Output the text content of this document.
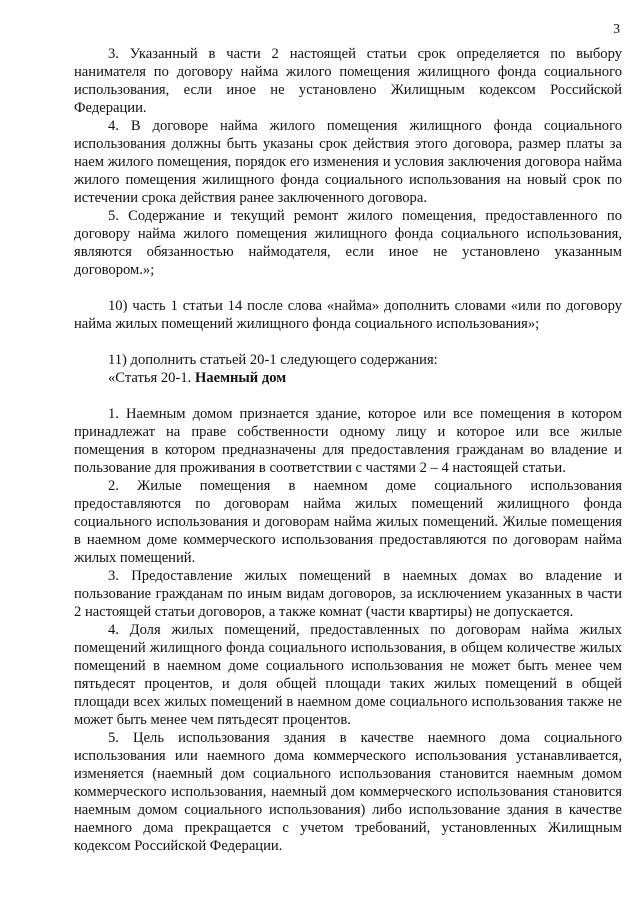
3

3. Указанный в части 2 настоящей статьи срок определяется по выбору нанимателя по договору найма жилого помещения жилищного фонда социального использования, если иное не установлено Жилищным кодексом Российской Федерации.

4. В договоре найма жилого помещения жилищного фонда социального использования должны быть указаны срок действия этого договора, размер платы за наем жилого помещения, порядок его изменения и условия заключения договора найма жилого помещения жилищного фонда социального использования на новый срок по истечении срока действия ранее заключенного договора.

5. Содержание и текущий ремонт жилого помещения, предоставленного по договору найма жилого помещения жилищного фонда социального использования, являются обязанностью наймодателя, если иное не установлено указанным договором.»;

10) часть 1 статьи 14 после слова «найма» дополнить словами «или по договору найма жилых помещений жилищного фонда социального использования»;

11) дополнить статьей 20-1 следующего содержания:

«Статья 20-1. Наемный дом

1. Наемным домом признается здание, которое или все помещения в котором принадлежат на праве собственности одному лицу и которое или все жилые помещения в котором предназначены для предоставления гражданам во владение и пользование для проживания в соответствии с частями 2 – 4 настоящей статьи.

2. Жилые помещения в наемном доме социального использования предоставляются по договорам найма жилых помещений жилищного фонда социального использования и договорам найма жилых помещений. Жилые помещения в наемном доме коммерческого использования предоставляются по договорам найма жилых помещений.

3. Предоставление жилых помещений в наемных домах во владение и пользование гражданам по иным видам договоров, за исключением указанных в части 2 настоящей статьи договоров, а также комнат (части квартиры) не допускается.

4. Доля жилых помещений, предоставленных по договорам найма жилых помещений жилищного фонда социального использования, в общем количестве жилых помещений в наемном доме социального использования не может быть менее чем пятьдесят процентов, и доля общей площади таких жилых помещений в общей площади всех жилых помещений в наемном доме социального использования также не может быть менее чем пятьдесят процентов.

5. Цель использования здания в качестве наемного дома социального использования или наемного дома коммерческого использования устанавливается, изменяется (наемный дом социального использования становится наемным домом коммерческого использования, наемный дом коммерческого использования становится наемным домом социального использования) либо использование здания в качестве наемного дома прекращается с учетом требований, установленных Жилищным кодексом Российской Федерации.
